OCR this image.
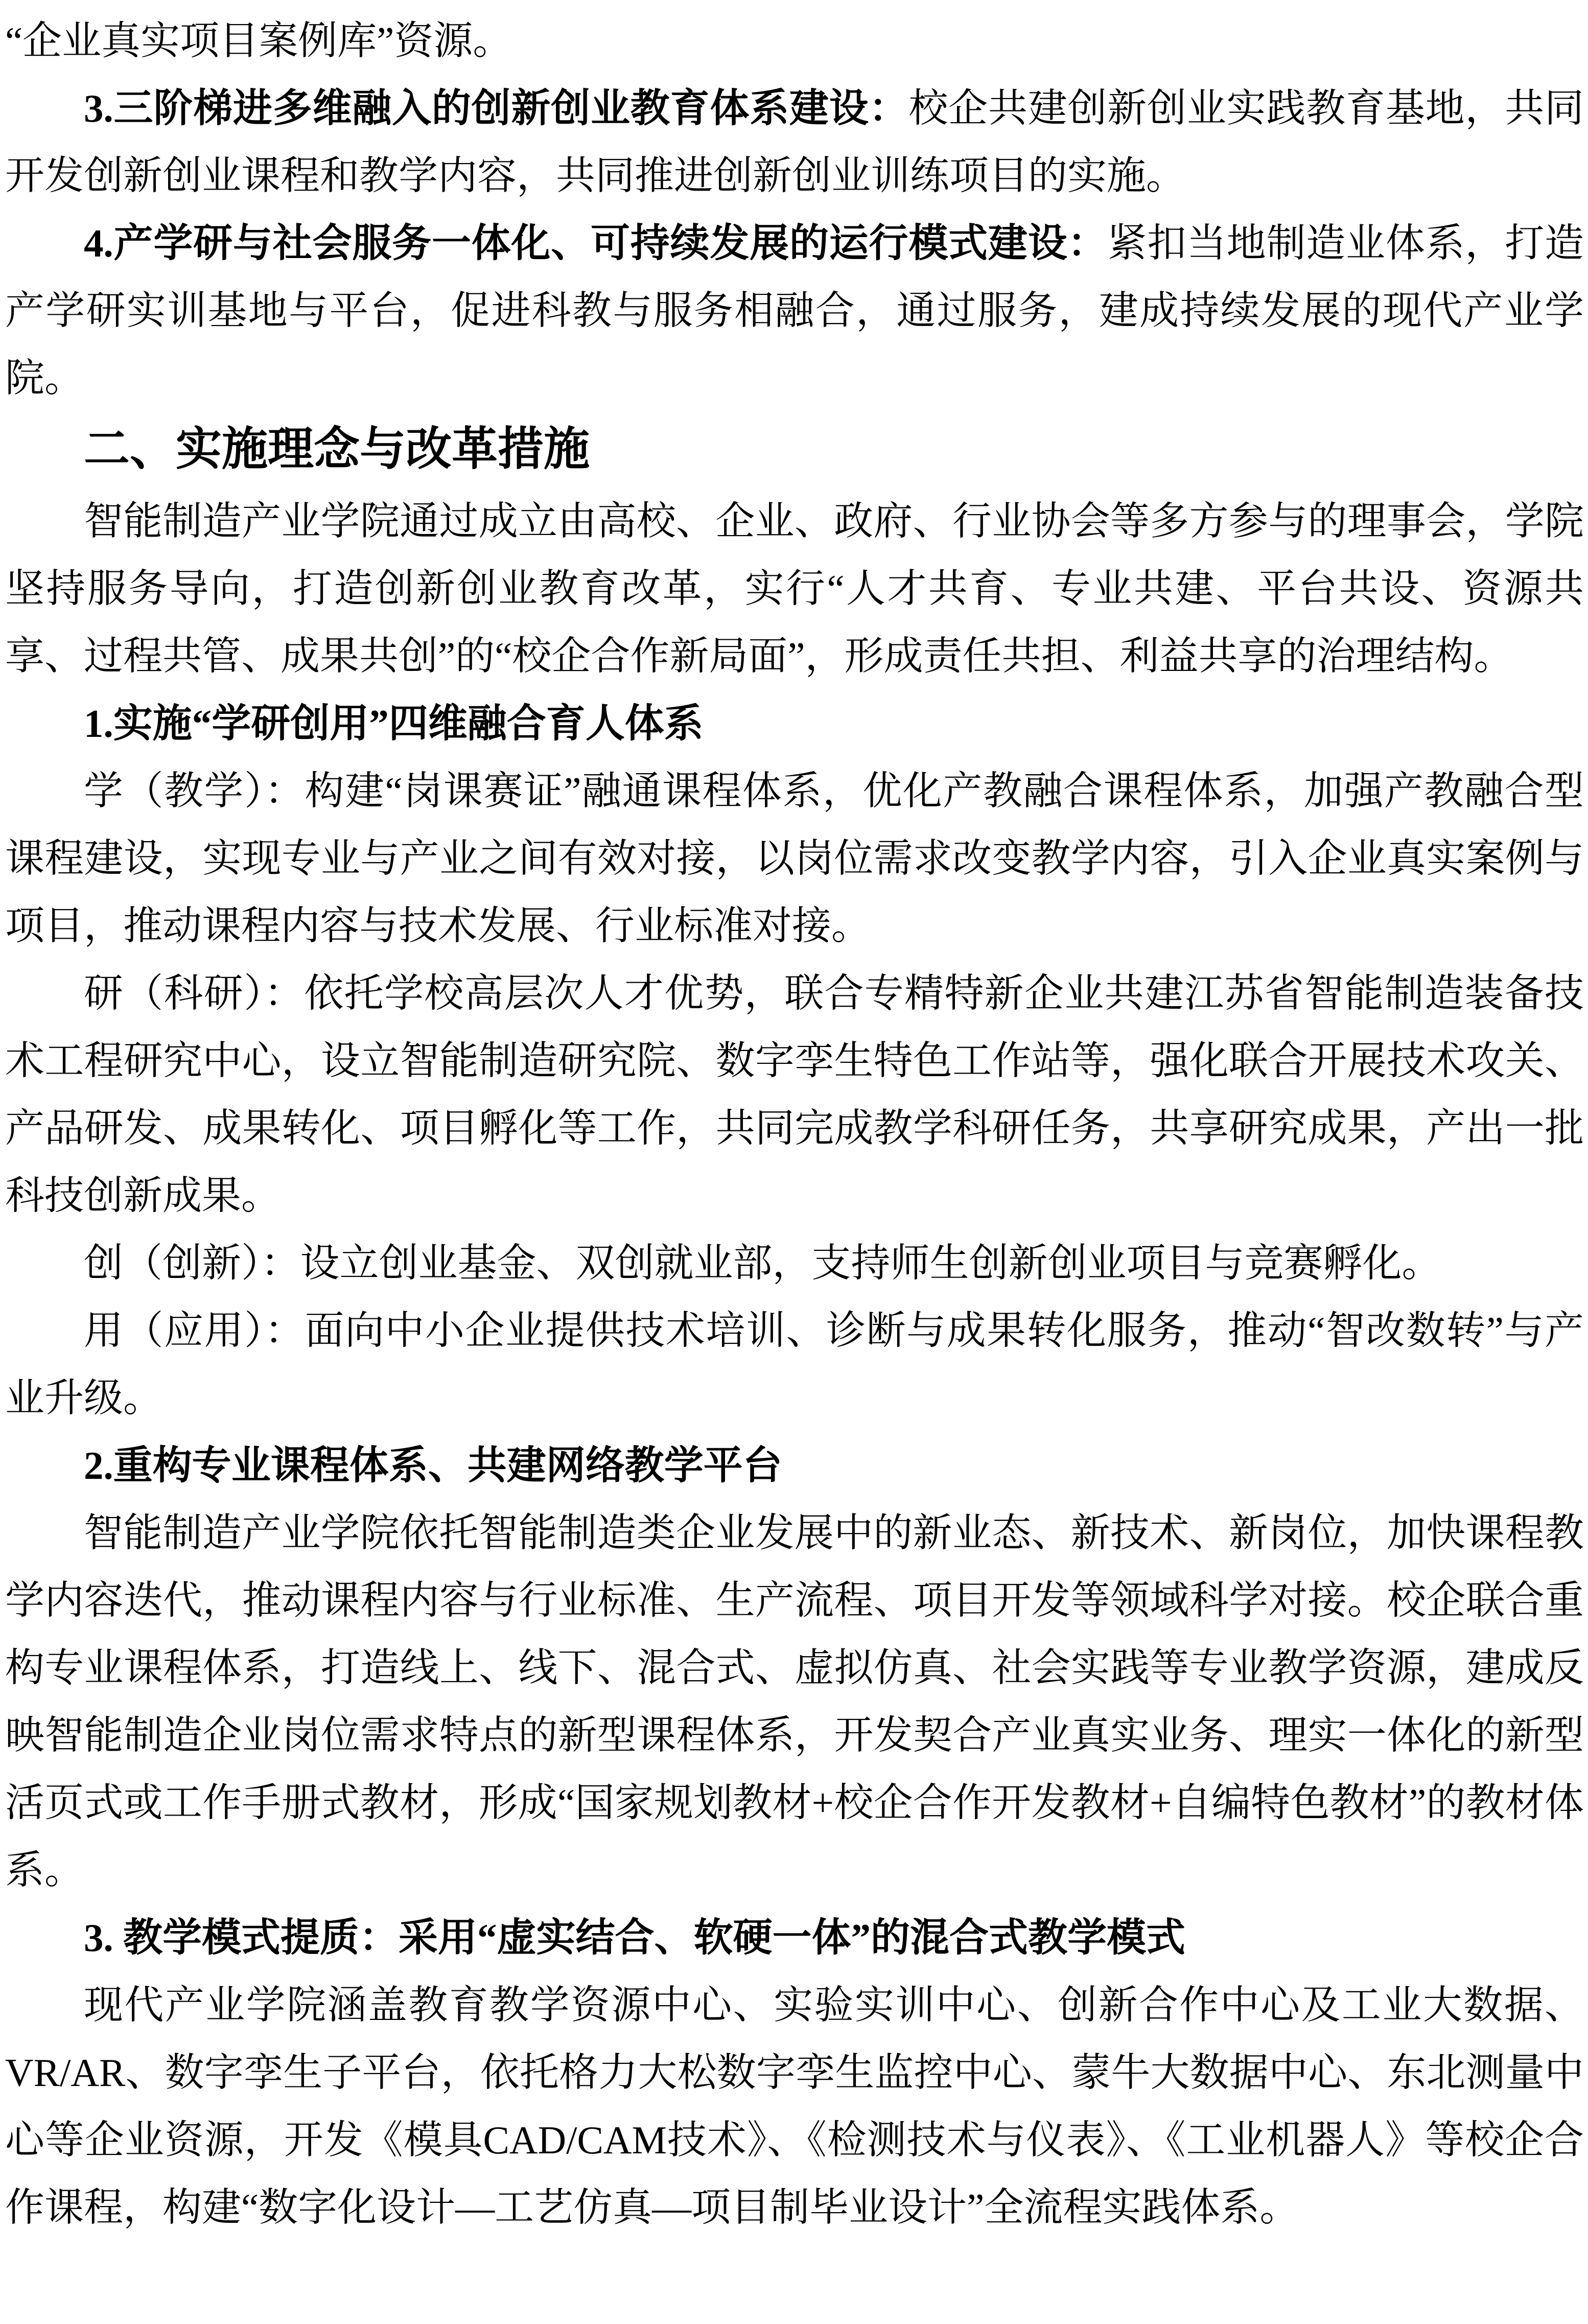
“企业真实项目案例库”资源。

3.三阶梯进多维融入的创新创业教育体系建设：校企共建创新创业实践教育基地，共同开发创新创业课程和教学内容，共同推进创新创业训练项目的实施。

4.产学研与社会服务一体化、可持续发展的运行模式建设：紧扣当地制造业体系，打造产学研实训基地与平台，促进科教与服务相融合，通过服务，建成持续发展的现代产业学院。

二、实施理念与改革措施

智能制造产业学院通过成立由高校、企业、政府、行业协会等多方参与的理事会，学院坚持服务导向，打造创新创业教育改革，实行“人才共育、专业共建、平台共设、资源共享、过程共管、成果共创”的“校企合作新局面”，形成责任共担、利益共享的治理结构。

1.实施“学研创用”四维融合育人体系

学（教学）：构建“岗课赛证”融通课程体系，优化产教融合课程体系，加强产教融合型课程建设，实现专业与产业之间有效对接，以岗位需求改变教学内容，引入企业真实案例与项目，推动课程内容与技术发展、行业标准对接。

研（科研）：依托学校高层次人才优势，联合专精特新企业共建江苏省智能制造装备技术工程研究中心，设立智能制造研究院、数字孪生特色工作站等，强化联合开展技术攻关、产品研发、成果转化、项目孵化等工作，共同完成教学科研任务，共享研究成果，产出一批科技创新成果。

创（创新）：设立创业基金、双创就业部，支持师生创新创业项目与竞赛孵化。

用（应用）：面向中小企业提供技术培训、诊断与成果转化服务，推动“智改数转”与产业升级。

2.重构专业课程体系、共建网络教学平台

智能制造产业学院依托智能制造类企业发展中的新业态、新技术、新岗位，加快课程教学内容迭代，推动课程内容与行业标准、生产流程、项目开发等领域科学对接。校企联合重构专业课程体系，打造线上、线下、混合式、虚拟仿真、社会实践等专业教学资源，建成反映智能制造企业岗位需求特点的新型课程体系，开发契合产业真实业务、理实一体化的新型活页式或工作手册式教材，形成“国家规划教材+校企合作开发教材+自编特色教材”的教材体系。

3. 教学模式提质：采用“虚实结合、软硬一体”的混合式教学模式

现代产业学院涵盖教育教学资源中心、实验实训中心、创新合作中心及工业大数据、VR/AR、数字孪生子平台，依托格力大松数字孪生监控中心、蒙牛大数据中心、东北测量中心等企业资源，开发《模具CAD/CAM技术》、《检测技术与仪表》、《工业机器人》等校企合作课程，构建“数字化设计—工艺仿真—项目制毕业设计”全流程实践体系。
